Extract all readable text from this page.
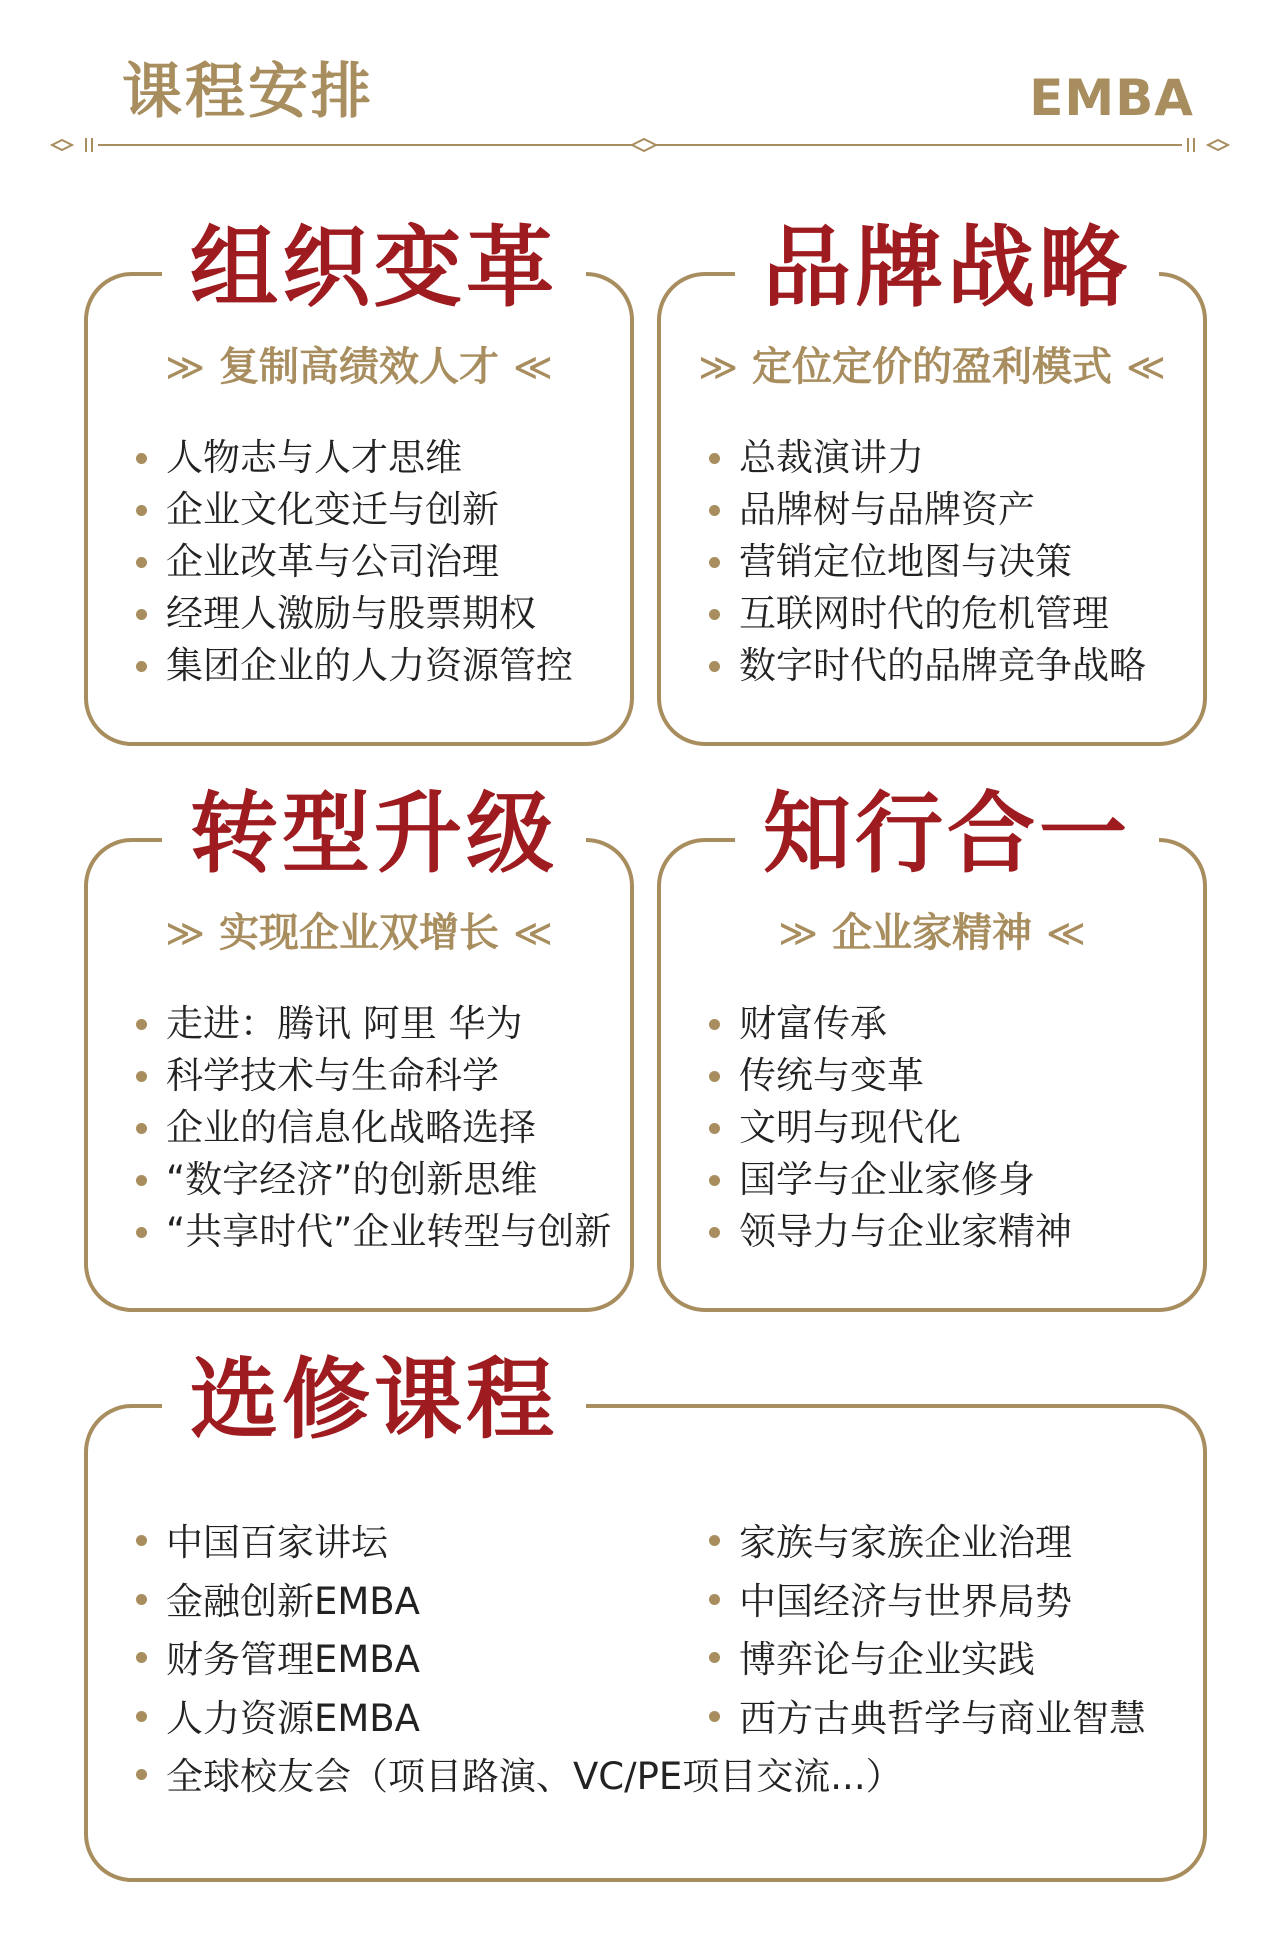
课程安排	EMBA
组织变革
≫ 复制高绩效人才 ≪
人物志与人才思维
企业文化变迁与创新
企业改革与公司治理
经理人激励与股票期权
集团企业的人力资源管控
品牌战略
≫ 定位定价的盈利模式 ≪
总裁演讲力
品牌树与品牌资产
营销定位地图与决策
互联网时代的危机管理
数字时代的品牌竞争战略
转型升级
≫ 实现企业双增长 ≪
走进：腾讯 阿里 华为
科学技术与生命科学
企业的信息化战略选择
“数字经济”的创新思维
“共享时代”企业转型与创新
知行合一
≫ 企业家精神 ≪
财富传承
传统与变革
文明与现代化
国学与企业家修身
领导力与企业家精神
选修课程
中国百家讲坛
金融创新EMBA
财务管理EMBA
人力资源EMBA
全球校友会（项目路演、VC/PE项目交流...）
家族与家族企业治理
中国经济与世界局势
博弈论与企业实践
西方古典哲学与商业智慧
